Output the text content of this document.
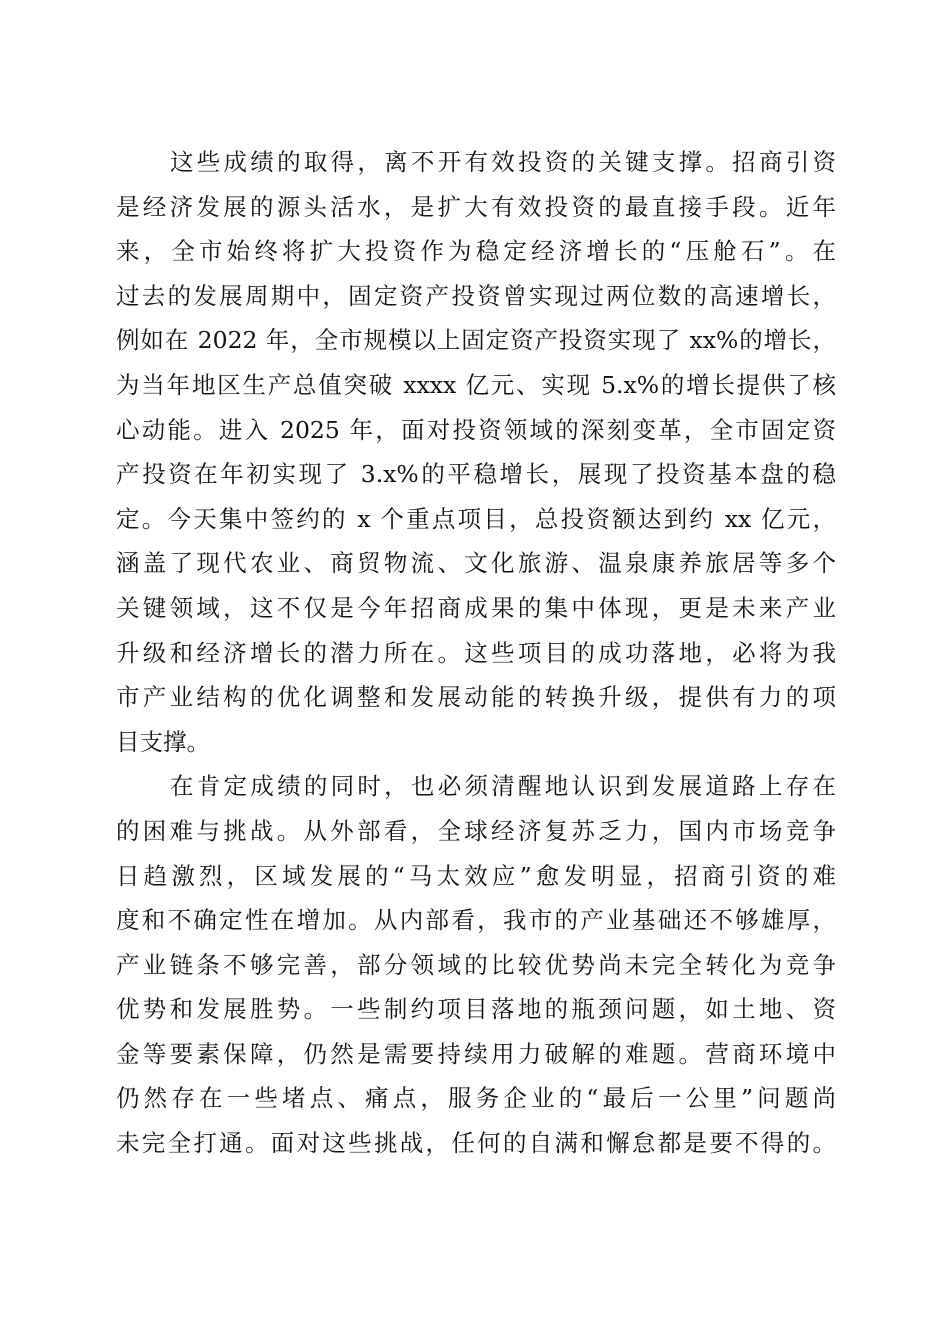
这些成绩的取得，离不开有效投资的关键支撑。招商引资
是经济发展的源头活水，是扩大有效投资的最直接手段。近年
来，全市始终将扩大投资作为稳定经济增长的“压舱石”。在
过去的发展周期中，固定资产投资曾实现过两位数的高速增长，
例如在 2022 年，全市规模以上固定资产投资实现了 xx%的增长，
为当年地区生产总值突破 xxxx 亿元、实现 5.x%的增长提供了核
心动能。进入 2025 年，面对投资领域的深刻变革，全市固定资
产投资在年初实现了 3.x%的平稳增长，展现了投资基本盘的稳
定。今天集中签约的 x 个重点项目，总投资额达到约 xx 亿元，
涵盖了现代农业、商贸物流、文化旅游、温泉康养旅居等多个
关键领域，这不仅是今年招商成果的集中体现，更是未来产业
升级和经济增长的潜力所在。这些项目的成功落地，必将为我
市产业结构的优化调整和发展动能的转换升级，提供有力的项
目支撑。
在肯定成绩的同时，也必须清醒地认识到发展道路上存在
的困难与挑战。从外部看，全球经济复苏乏力，国内市场竞争
日趋激烈，区域发展的“马太效应”愈发明显，招商引资的难
度和不确定性在增加。从内部看，我市的产业基础还不够雄厚，
产业链条不够完善，部分领域的比较优势尚未完全转化为竞争
优势和发展胜势。一些制约项目落地的瓶颈问题，如土地、资
金等要素保障，仍然是需要持续用力破解的难题。营商环境中
仍然存在一些堵点、痛点，服务企业的“最后一公里”问题尚
未完全打通。面对这些挑战，任何的自满和懈怠都是要不得的。
